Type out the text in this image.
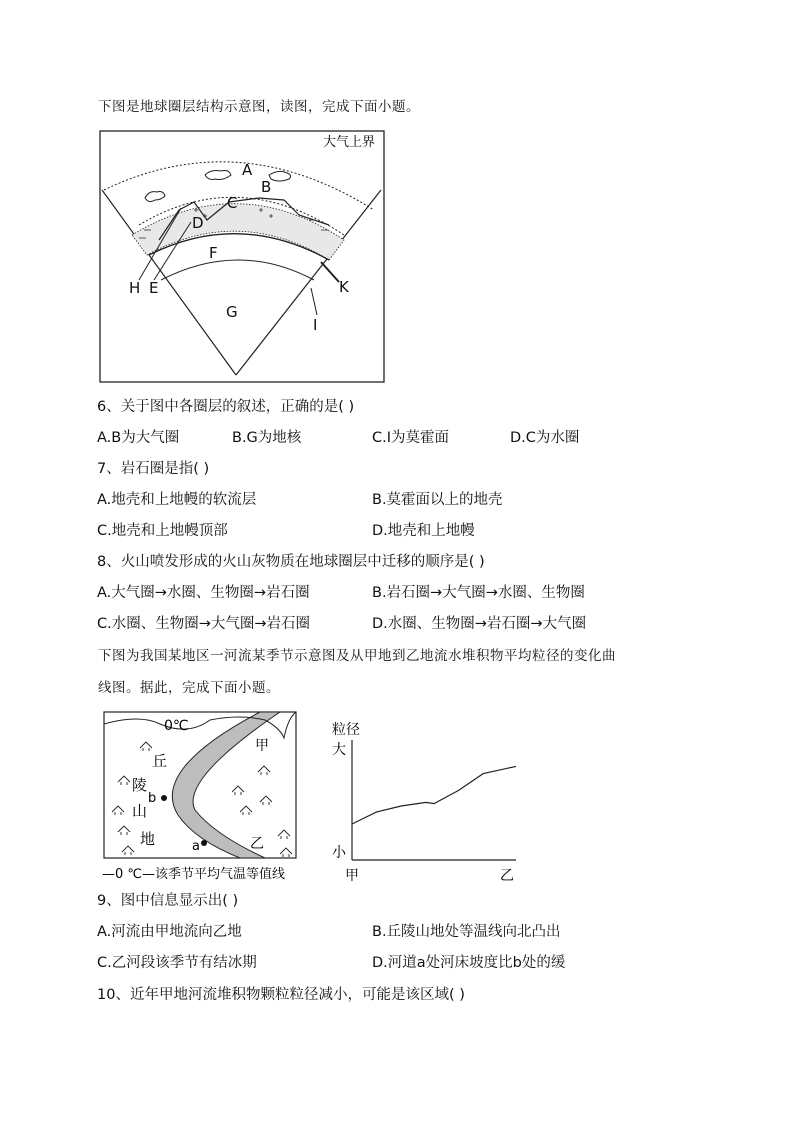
下图是地球圈层结构示意图，读图，完成下面小题。
大气上界
A
B
C
D
E
F
G
H
I
K
6、关于图中各圈层的叙述，正确的是( )
A.B为大气圈	B.G为地核	C.I为莫霍面	D.C为水圈
7、岩石圈是指( )
A.地壳和上地幔的软流层	B.莫霍面以上的地壳
C.地壳和上地幔顶部	D.地壳和上地幔
8、火山喷发形成的火山灰物质在地球圈层中迁移的顺序是( )
A.大气圈→水圈、生物圈→岩石圈	B.岩石圈→大气圈→水圈、生物圈
C.水圈、生物圈→大气圈→岩石圈	D.水圈、生物圈→岩石圈→大气圈
下图为我国某地区一河流某季节示意图及从甲地到乙地流水堆积物平均粒径的变化曲
线图。据此，完成下面小题。
0℃
甲
乙
丘
陵
山
地
b
a
—0 ℃—该季节平均气温等值线
粒径
大
小
甲	乙
9、图中信息显示出( )
A.河流由甲地流向乙地	B.丘陵山地处等温线向北凸出
C.乙河段该季节有结冰期	D.河道a处河床坡度比b处的缓
10、近年甲地河流堆积物颗粒粒径减小，可能是该区域( )
